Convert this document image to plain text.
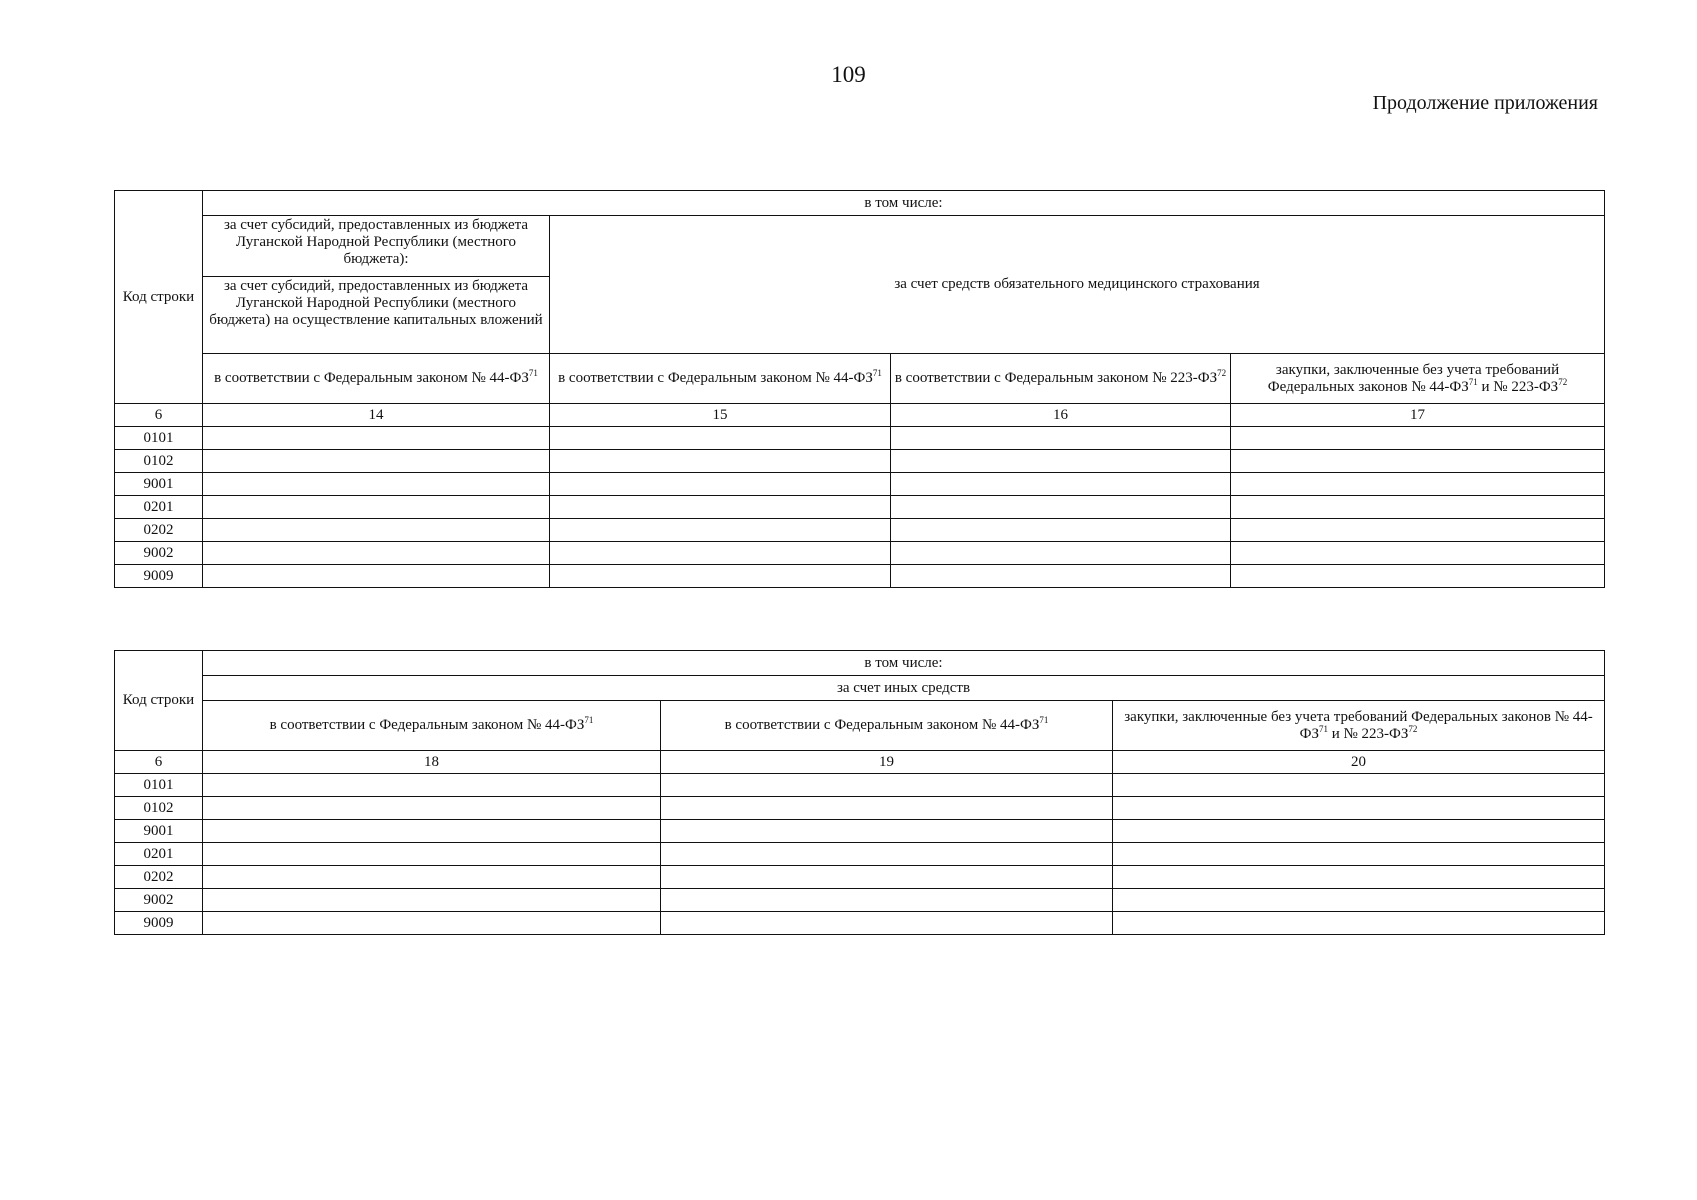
109
Продолжение приложения
Код строки	в том числе:			
	за счет субсидий, предоставленных из бюджета Луганской Народной Республики (местного бюджета):	за счет средств обязательного медицинского страхования		
	за счет субсидий, предоставленных из бюджета Луганской Народной Республики (местного бюджета) на осуществление капитальных вложений			
	в соответствии с Федеральным законом № 44-ФЗ$^{71}$	в соответствии с Федеральным законом № 44-ФЗ$^{71}$	в соответствии с Федеральным законом № 223-ФЗ$^{72}$	закупки, заключенные без учета требований Федеральных законов № 44-ФЗ$^{71}$ и № 223-ФЗ$^{72}$
6	14	15	16	17
0101				
0102				
9001				
0201				
0202				
9002				
9009				
Код строки	в том числе:		
	за счет иных средств		
	в соответствии с Федеральным законом № 44-ФЗ$^{71}$	в соответствии с Федеральным законом № 44-ФЗ$^{71}$	закупки, заключенные без учета требований Федеральных законов № 44-ФЗ$^{71}$ и № 223-ФЗ$^{72}$
6	18	19	20
0101			
0102			
9001			
0201			
0202			
9002			
9009			
